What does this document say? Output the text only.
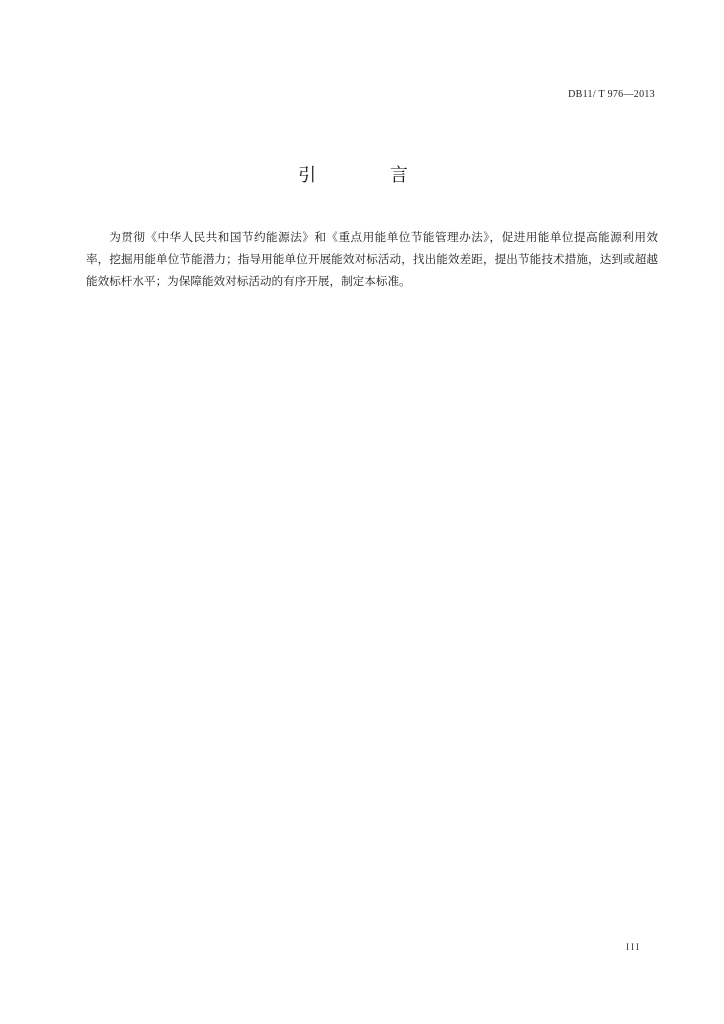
DB11/ T 976—2013
引 言

为贯彻《中华人民共和国节约能源法》和《重点用能单位节能管理办法》，促进用能单位提高能源利用效率，挖掘用能单位节能潜力；指导用能单位开展能效对标活动，找出能效差距，提出节能技术措施，达到或超越能效标杆水平；为保障能效对标活动的有序开展，制定本标准。

III
